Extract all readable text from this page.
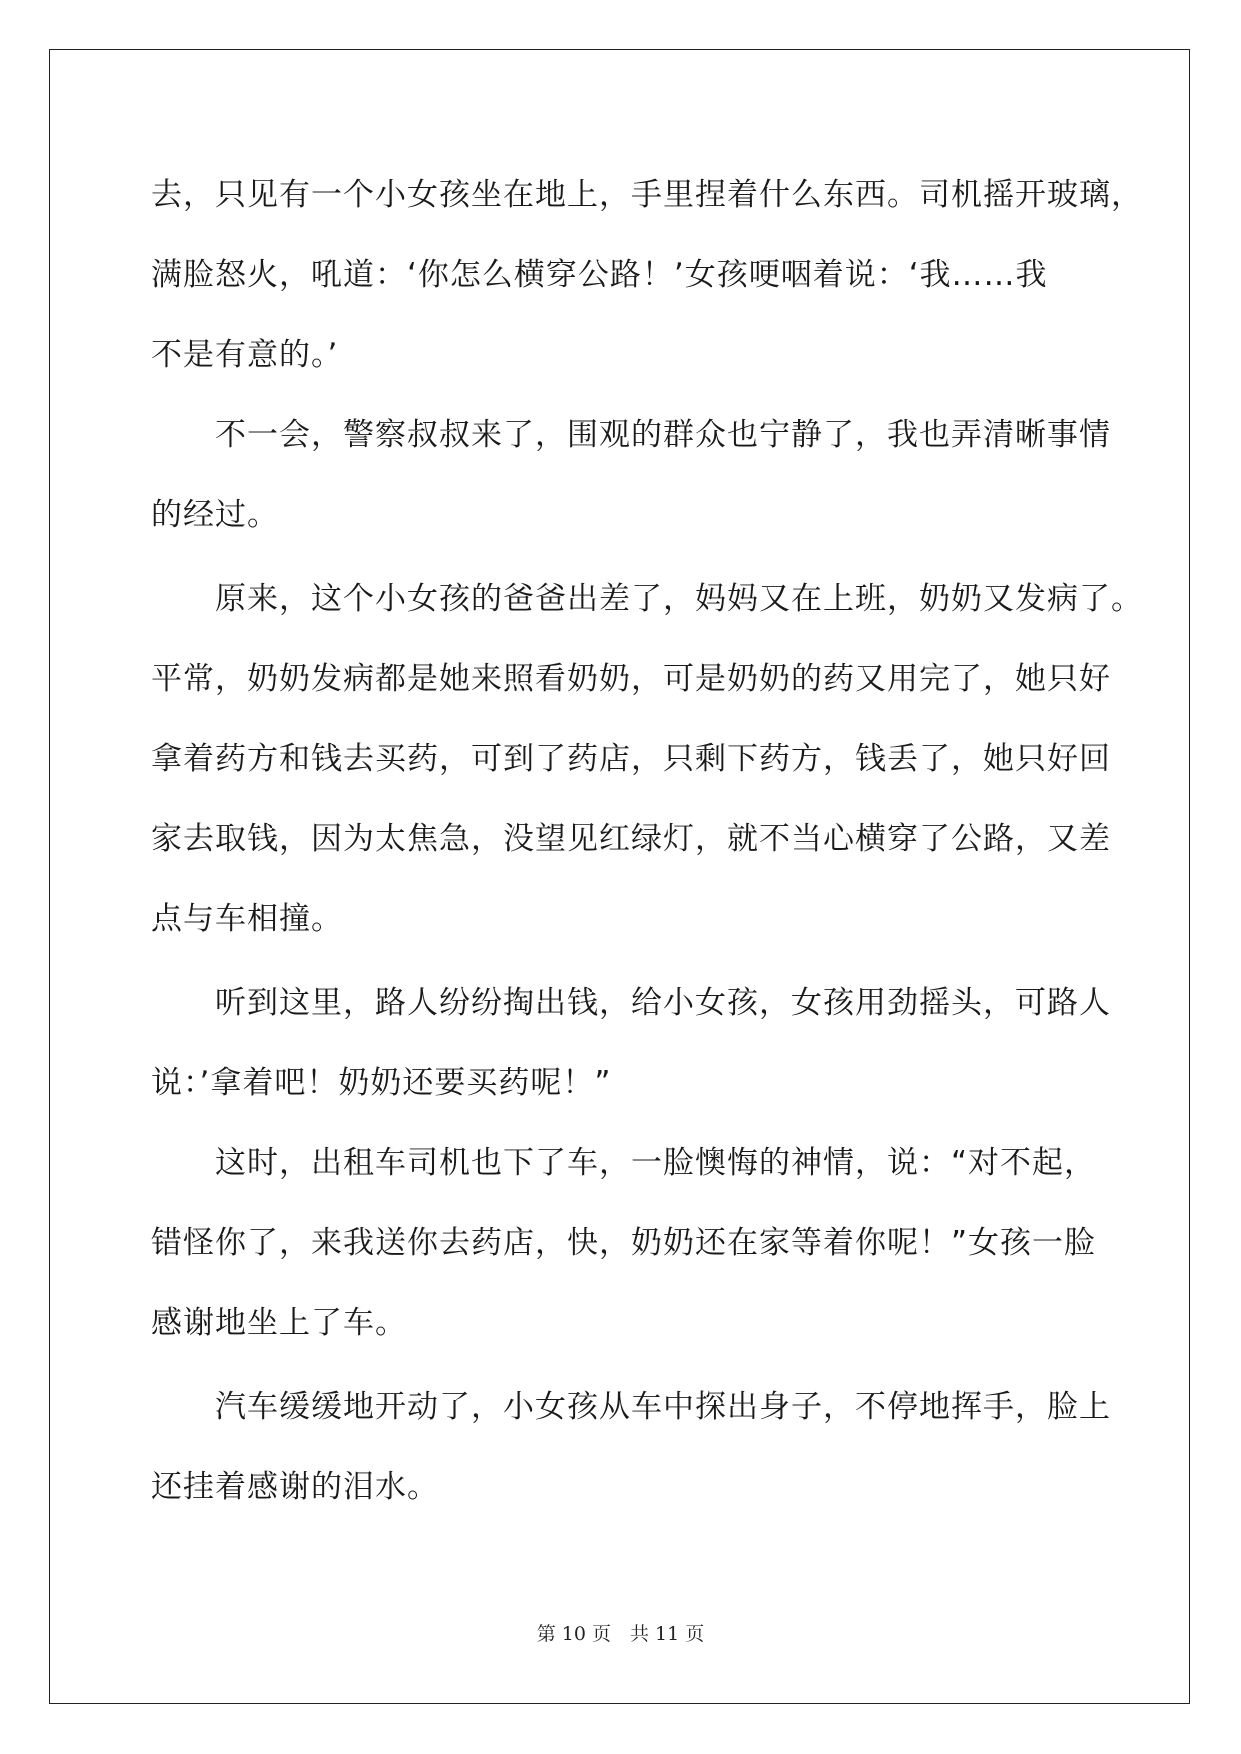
去，只见有一个小女孩坐在地上，手里捏着什么东西。司机摇开玻璃，
满脸怒火，吼道：‘你怎么横穿公路！’女孩哽咽着说：‘我……我
不是有意的。’
　　不一会，警察叔叔来了，围观的群众也宁静了，我也弄清晰事情
的经过。
　　原来，这个小女孩的爸爸出差了，妈妈又在上班，奶奶又发病了。
平常，奶奶发病都是她来照看奶奶，可是奶奶的药又用完了，她只好
拿着药方和钱去买药，可到了药店，只剩下药方，钱丢了，她只好回
家去取钱，因为太焦急，没望见红绿灯，就不当心横穿了公路，又差
点与车相撞。
　　听到这里，路人纷纷掏出钱，给小女孩，女孩用劲摇头，可路人
说：’拿着吧！奶奶还要买药呢！”
　　这时，出租车司机也下了车，一脸懊悔的神情，说：“对不起，
错怪你了，来我送你去药店，快，奶奶还在家等着你呢！”女孩一脸
感谢地坐上了车。
　　汽车缓缓地开动了，小女孩从车中探出身子，不停地挥手，脸上
还挂着感谢的泪水。
第 10 页　共 11 页
